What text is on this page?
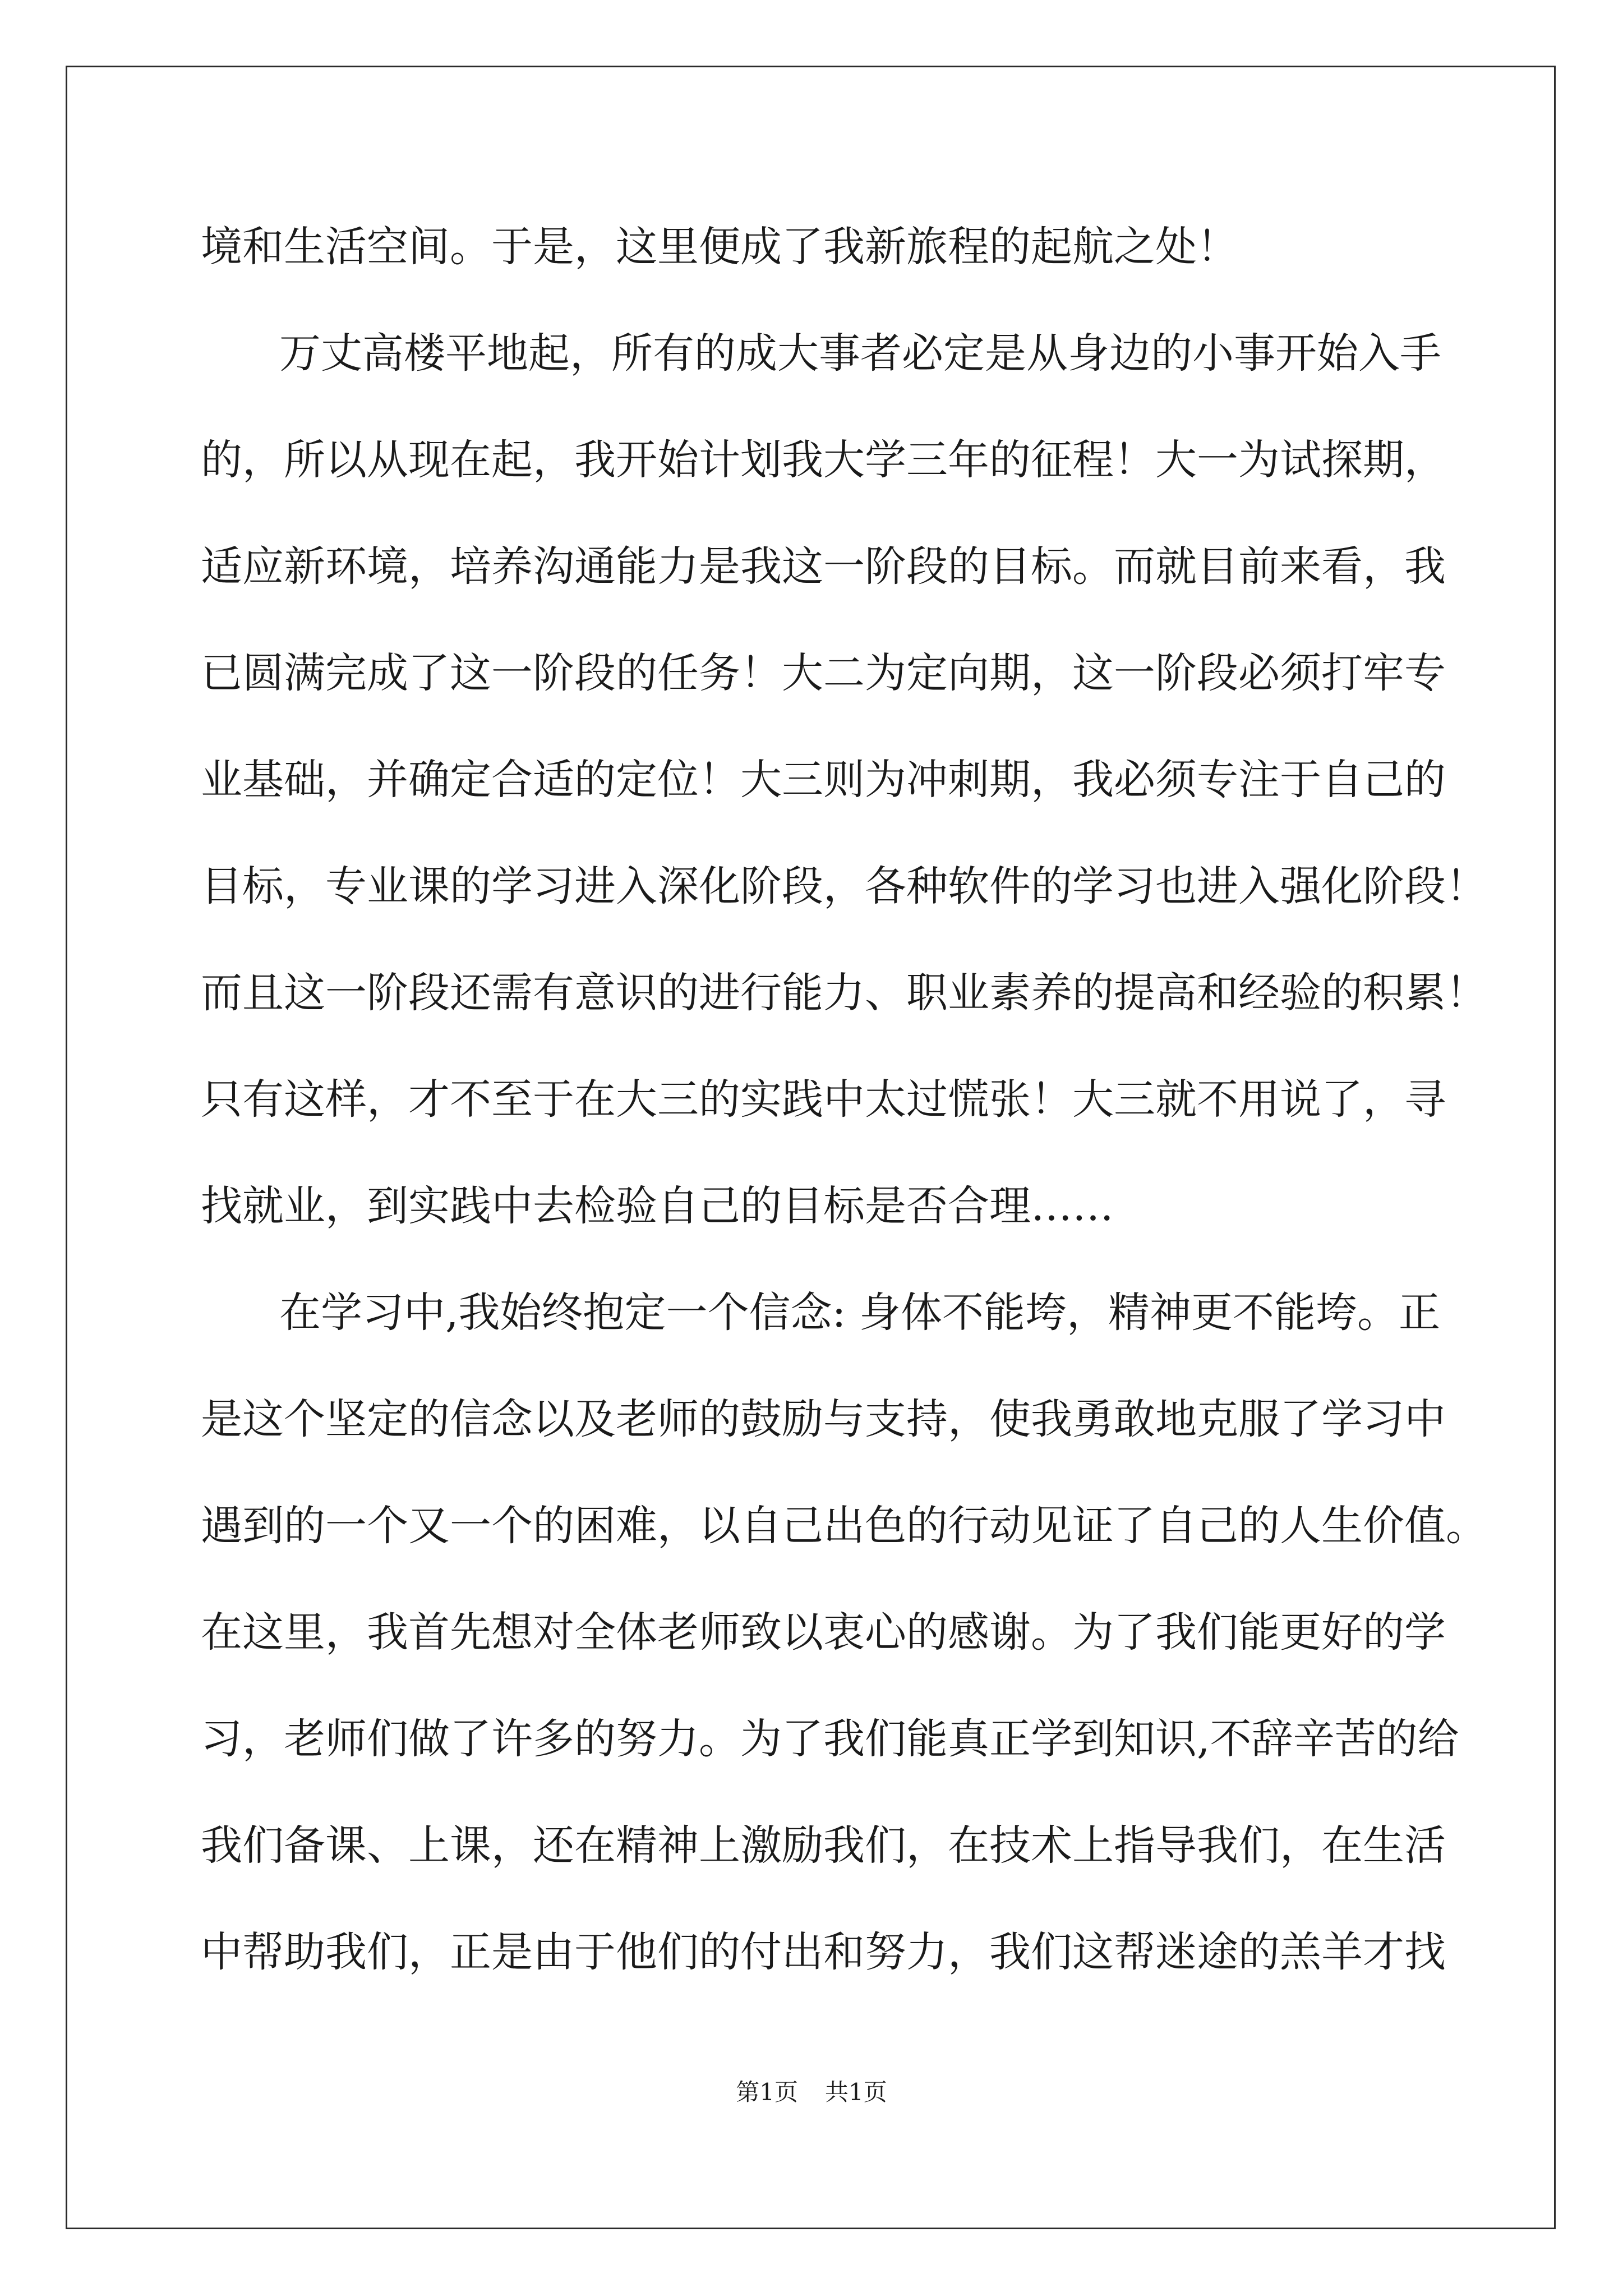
境和生活空间。于是，这里便成了我新旅程的起航之处！
万丈高楼平地起，所有的成大事者必定是从身边的小事开始入手
的，所以从现在起，我开始计划我大学三年的征程！大一为试探期，
适应新环境，培养沟通能力是我这一阶段的目标。而就目前来看，我
已圆满完成了这一阶段的任务！大二为定向期，这一阶段必须打牢专
业基础，并确定合适的定位！大三则为冲刺期，我必须专注于自己的
目标，专业课的学习进入深化阶段，各种软件的学习也进入强化阶段！
而且这一阶段还需有意识的进行能力、职业素养的提高和经验的积累！
只有这样，才不至于在大三的实践中太过慌张！大三就不用说了，寻
找就业，到实践中去检验自己的目标是否合理……
在学习中,我始终抱定一个信念: 身体不能垮，精神更不能垮。正
是这个坚定的信念以及老师的鼓励与支持，使我勇敢地克服了学习中
遇到的一个又一个的困难，以自己出色的行动见证了自己的人生价值。
在这里，我首先想对全体老师致以衷心的感谢。为了我们能更好的学
习，老师们做了许多的努力。为了我们能真正学到知识,不辞辛苦的给
我们备课、上课，还在精神上激励我们，在技术上指导我们，在生活
中帮助我们，正是由于他们的付出和努力，我们这帮迷途的羔羊才找
第1页 共1页
